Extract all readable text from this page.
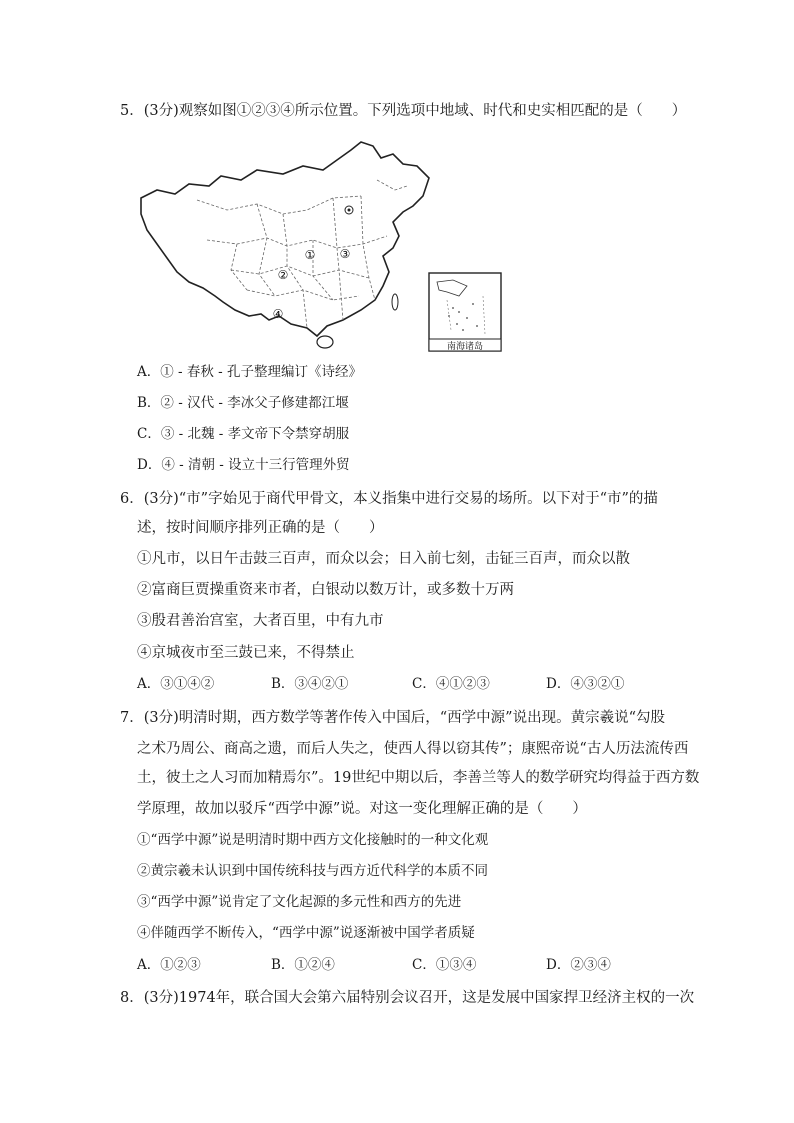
5．(3分)观察如图①②③④所示位置。下列选项中地域、时代和史实相匹配的是（　　）
①
②
③
④
南海诸岛
A．① - 春秋 - 孔子整理编订《诗经》
B．② - 汉代 - 李冰父子修建都江堰
C．③ - 北魏 - 孝文帝下令禁穿胡服
D．④ - 清朝 - 设立十三行管理外贸
6．(3分)“市”字始见于商代甲骨文，本义指集中进行交易的场所。以下对于“市”的描
述，按时间顺序排列正确的是（　　）
①凡市，以日午击鼓三百声，而众以会；日入前七刻，击钲三百声，而众以散
②富商巨贾操重资来市者，白银动以数万计，或多数十万两
③殷君善治宫室，大者百里，中有九市
④京城夜市至三鼓已来，不得禁止
A．③①④②	B．③④②①	C．④①②③	D．④③②①
7．(3分)明清时期，西方数学等著作传入中国后，“西学中源”说出现。黄宗羲说“勾股
之术乃周公、商高之遗，而后人失之，使西人得以窃其传”；康熙帝说“古人历法流传西
土，彼土之人习而加精焉尔”。19世纪中期以后，李善兰等人的数学研究均得益于西方数
学原理，故加以驳斥“西学中源”说。对这一变化理解正确的是（　　）
①“西学中源”说是明清时期中西方文化接触时的一种文化观
②黄宗羲未认识到中国传统科技与西方近代科学的本质不同
③“西学中源”说肯定了文化起源的多元性和西方的先进
④伴随西学不断传入，“西学中源”说逐渐被中国学者质疑
A．①②③	B．①②④	C．①③④	D．②③④
8．(3分)1974年，联合国大会第六届特别会议召开，这是发展中国家捍卫经济主权的一次
